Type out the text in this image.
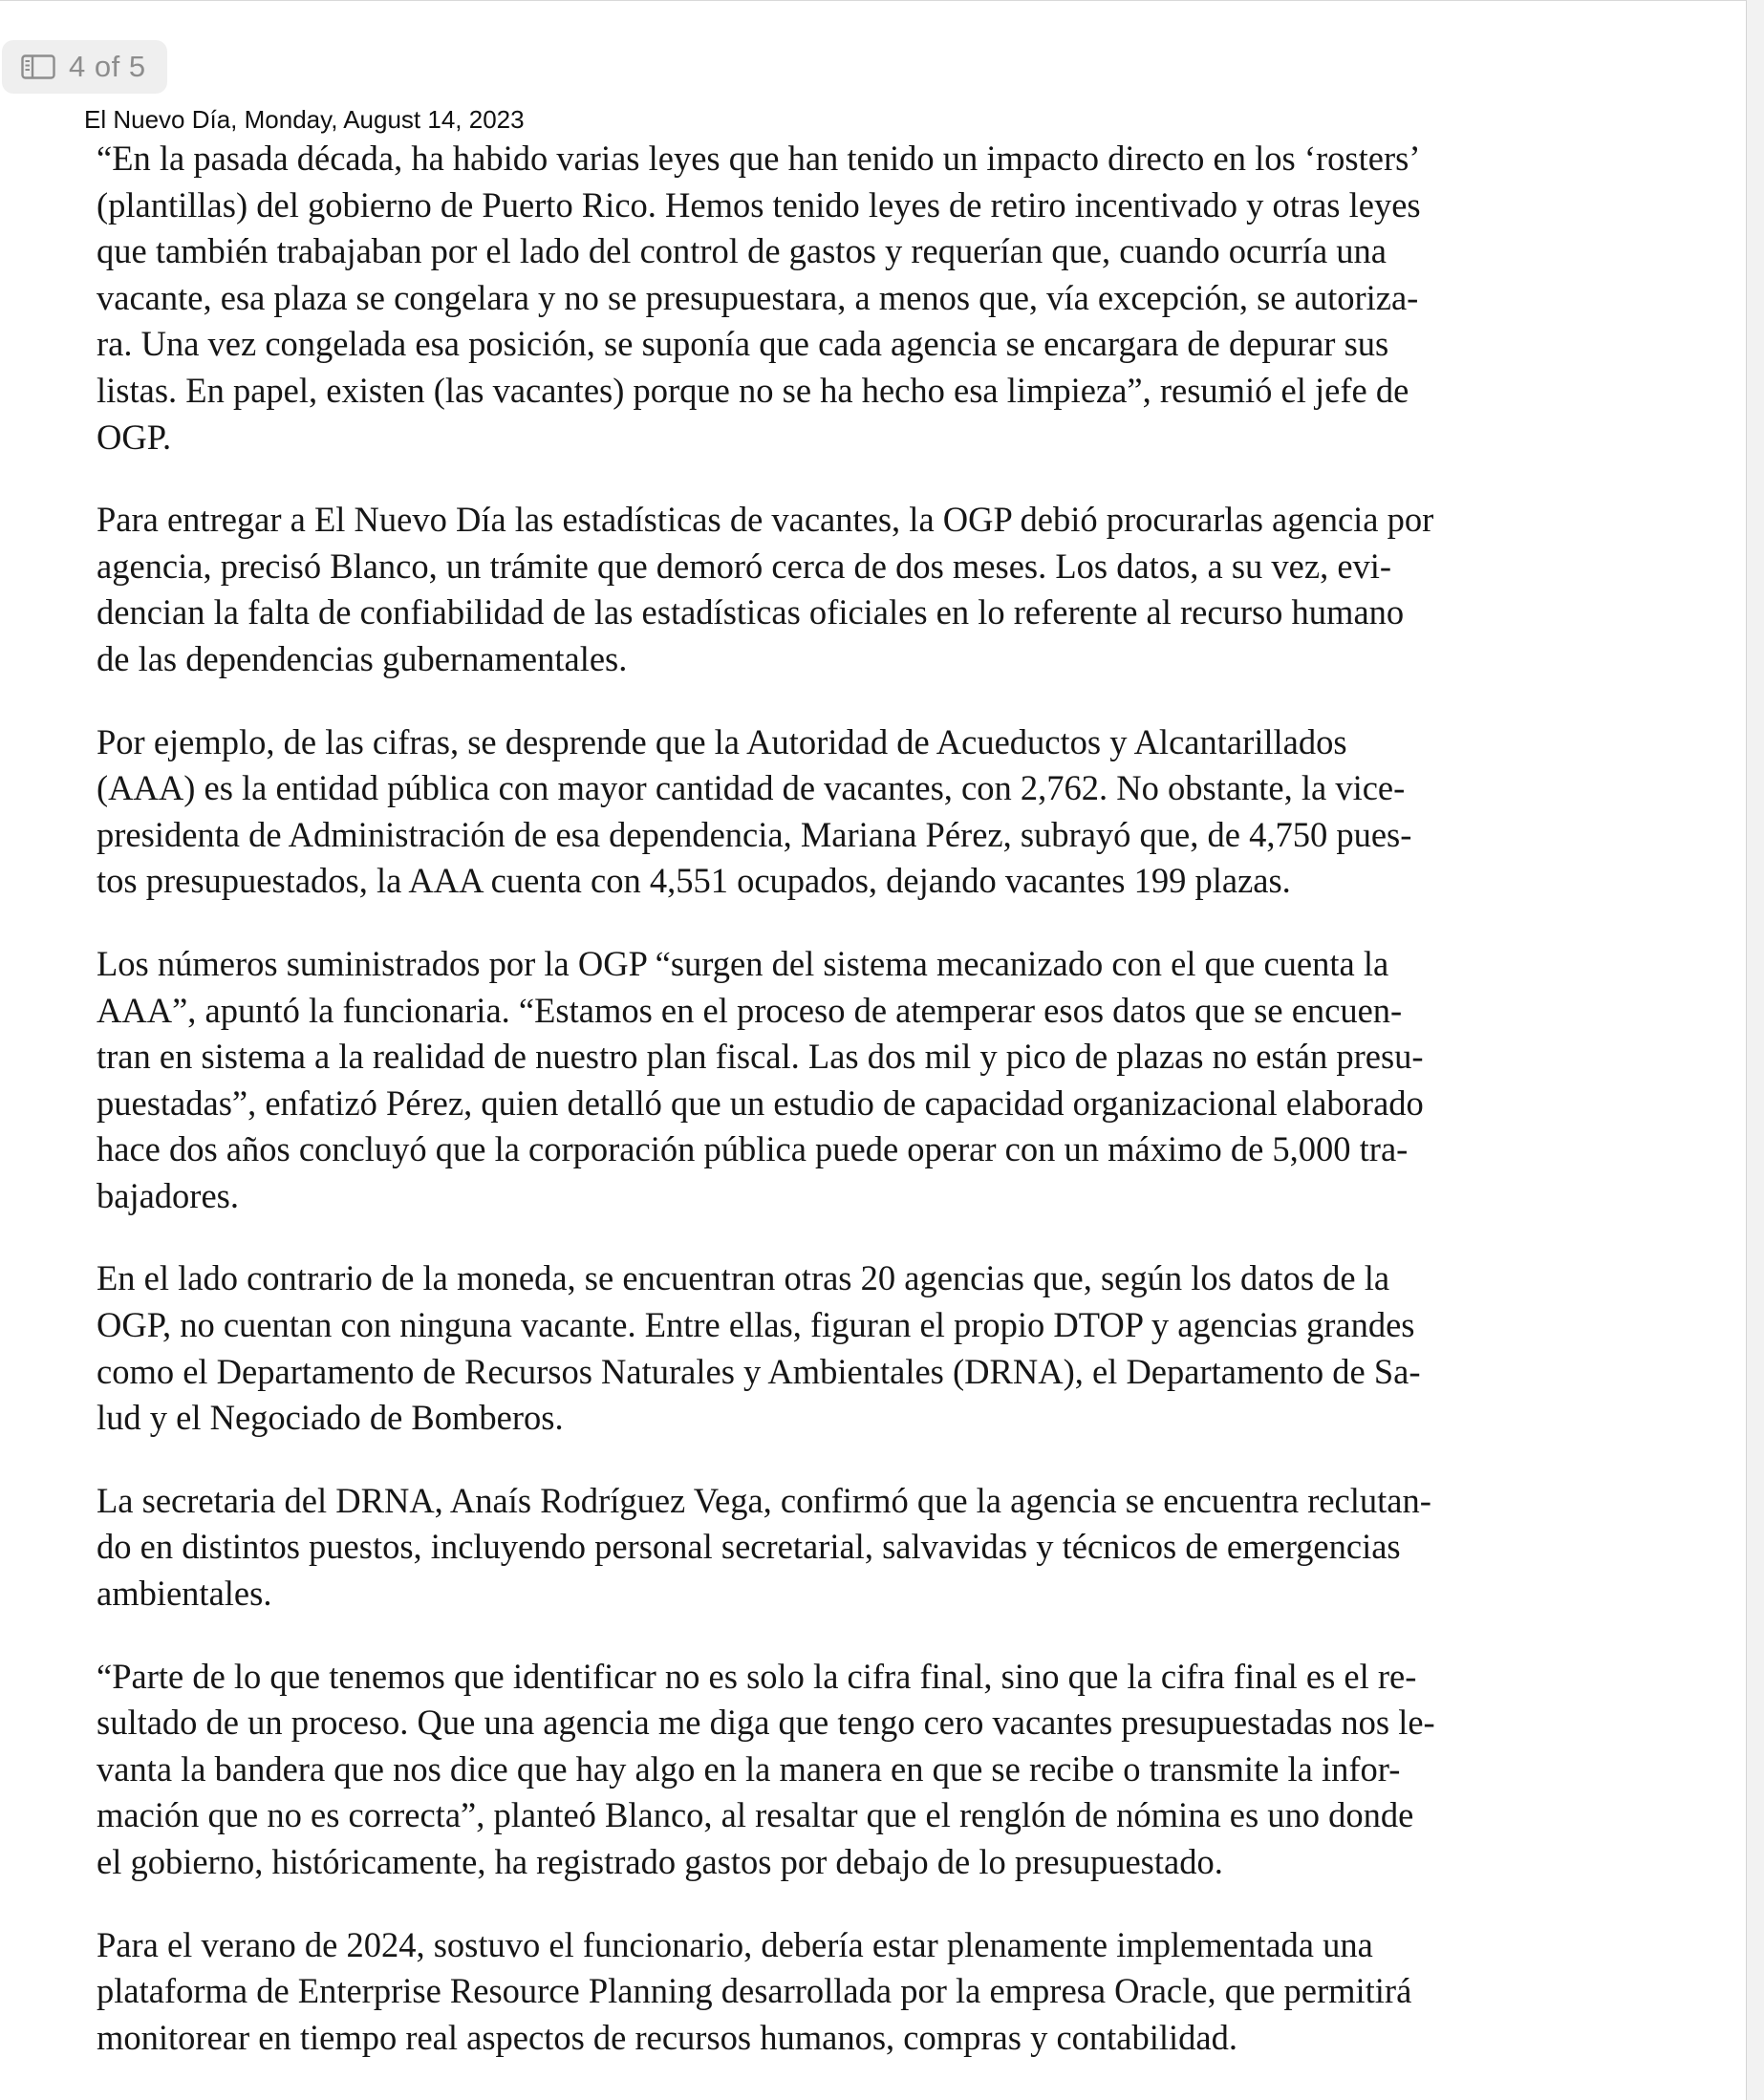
4 of 5
El Nuevo Día, Monday, August 14, 2023

“En la pasada década, ha habido varias leyes que han tenido un impacto directo en los ‘rosters’
(plantillas) del gobierno de Puerto Rico. Hemos tenido leyes de retiro incentivado y otras leyes
que también trabajaban por el lado del control de gastos y requerían que, cuando ocurría una
vacante, esa plaza se congelara y no se presupuestara, a menos que, vía excepción, se autoriza-
ra. Una vez congelada esa posición, se suponía que cada agencia se encargara de depurar sus
listas. En papel, existen (las vacantes) porque no se ha hecho esa limpieza”, resumió el jefe de
OGP.

Para entregar a El Nuevo Día las estadísticas de vacantes, la OGP debió procurarlas agencia por
agencia, precisó Blanco, un trámite que demoró cerca de dos meses. Los datos, a su vez, evi-
dencian la falta de confiabilidad de las estadísticas oficiales en lo referente al recurso humano
de las dependencias gubernamentales.

Por ejemplo, de las cifras, se desprende que la Autoridad de Acueductos y Alcantarillados
(AAA) es la entidad pública con mayor cantidad de vacantes, con 2,762. No obstante, la vice-
presidenta de Administración de esa dependencia, Mariana Pérez, subrayó que, de 4,750 pues-
tos presupuestados, la AAA cuenta con 4,551 ocupados, dejando vacantes 199 plazas.

Los números suministrados por la OGP “surgen del sistema mecanizado con el que cuenta la
AAA”, apuntó la funcionaria. “Estamos en el proceso de atemperar esos datos que se encuen-
tran en sistema a la realidad de nuestro plan fiscal. Las dos mil y pico de plazas no están presu-
puestadas”, enfatizó Pérez, quien detalló que un estudio de capacidad organizacional elaborado
hace dos años concluyó que la corporación pública puede operar con un máximo de 5,000 tra-
bajadores.

En el lado contrario de la moneda, se encuentran otras 20 agencias que, según los datos de la
OGP, no cuentan con ninguna vacante. Entre ellas, figuran el propio DTOP y agencias grandes
como el Departamento de Recursos Naturales y Ambientales (DRNA), el Departamento de Sa-
lud y el Negociado de Bomberos.

La secretaria del DRNA, Anaís Rodríguez Vega, confirmó que la agencia se encuentra reclutan-
do en distintos puestos, incluyendo personal secretarial, salvavidas y técnicos de emergencias
ambientales.

“Parte de lo que tenemos que identificar no es solo la cifra final, sino que la cifra final es el re-
sultado de un proceso. Que una agencia me diga que tengo cero vacantes presupuestadas nos le-
vanta la bandera que nos dice que hay algo en la manera en que se recibe o transmite la infor-
mación que no es correcta”, planteó Blanco, al resaltar que el renglón de nómina es uno donde
el gobierno, históricamente, ha registrado gastos por debajo de lo presupuestado.

Para el verano de 2024, sostuvo el funcionario, debería estar plenamente implementada una
plataforma de Enterprise Resource Planning desarrollada por la empresa Oracle, que permitirá
monitorear en tiempo real aspectos de recursos humanos, compras y contabilidad.
